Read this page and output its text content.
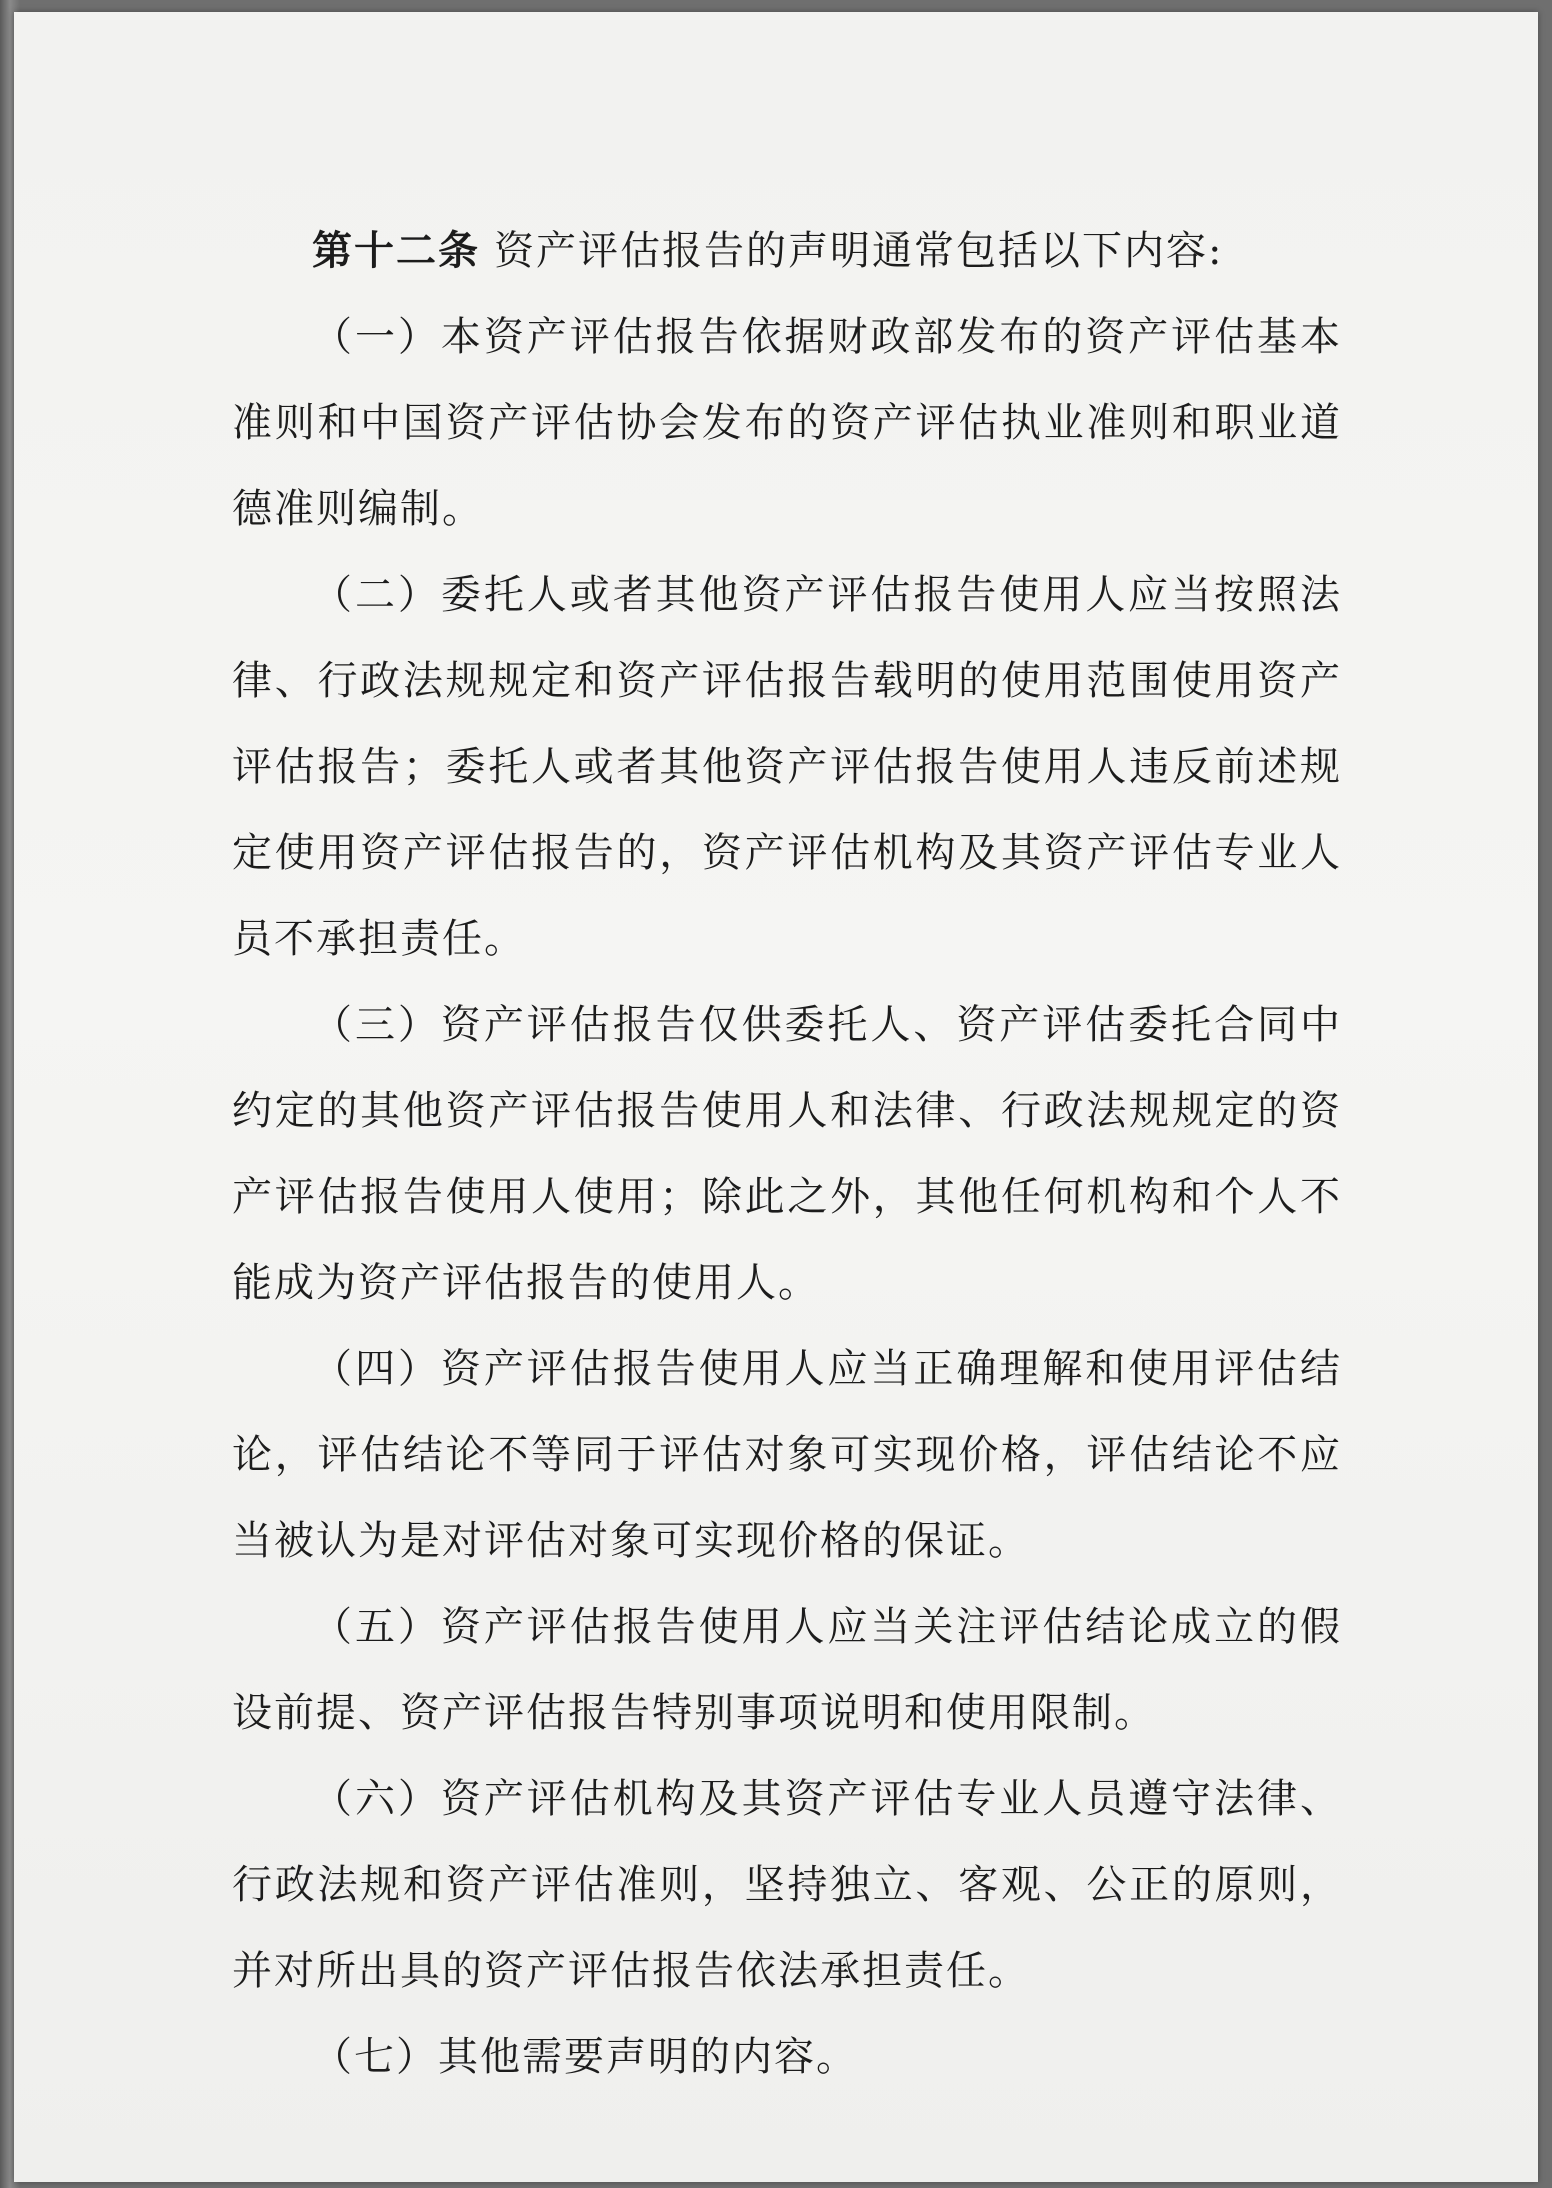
第十二条 资产评估报告的声明通常包括以下内容:

（一）本资产评估报告依据财政部发布的资产评估基本准则和中国资产评估协会发布的资产评估执业准则和职业道德准则编制。

（二）委托人或者其他资产评估报告使用人应当按照法律、行政法规规定和资产评估报告载明的使用范围使用资产评估报告；委托人或者其他资产评估报告使用人违反前述规定使用资产评估报告的，资产评估机构及其资产评估专业人员不承担责任。

（三）资产评估报告仅供委托人、资产评估委托合同中约定的其他资产评估报告使用人和法律、行政法规规定的资产评估报告使用人使用；除此之外，其他任何机构和个人不能成为资产评估报告的使用人。

（四）资产评估报告使用人应当正确理解和使用评估结论，评估结论不等同于评估对象可实现价格，评估结论不应当被认为是对评估对象可实现价格的保证。

（五）资产评估报告使用人应当关注评估结论成立的假设前提、资产评估报告特别事项说明和使用限制。

（六）资产评估机构及其资产评估专业人员遵守法律、行政法规和资产评估准则，坚持独立、客观、公正的原则，并对所出具的资产评估报告依法承担责任。

（七）其他需要声明的内容。
